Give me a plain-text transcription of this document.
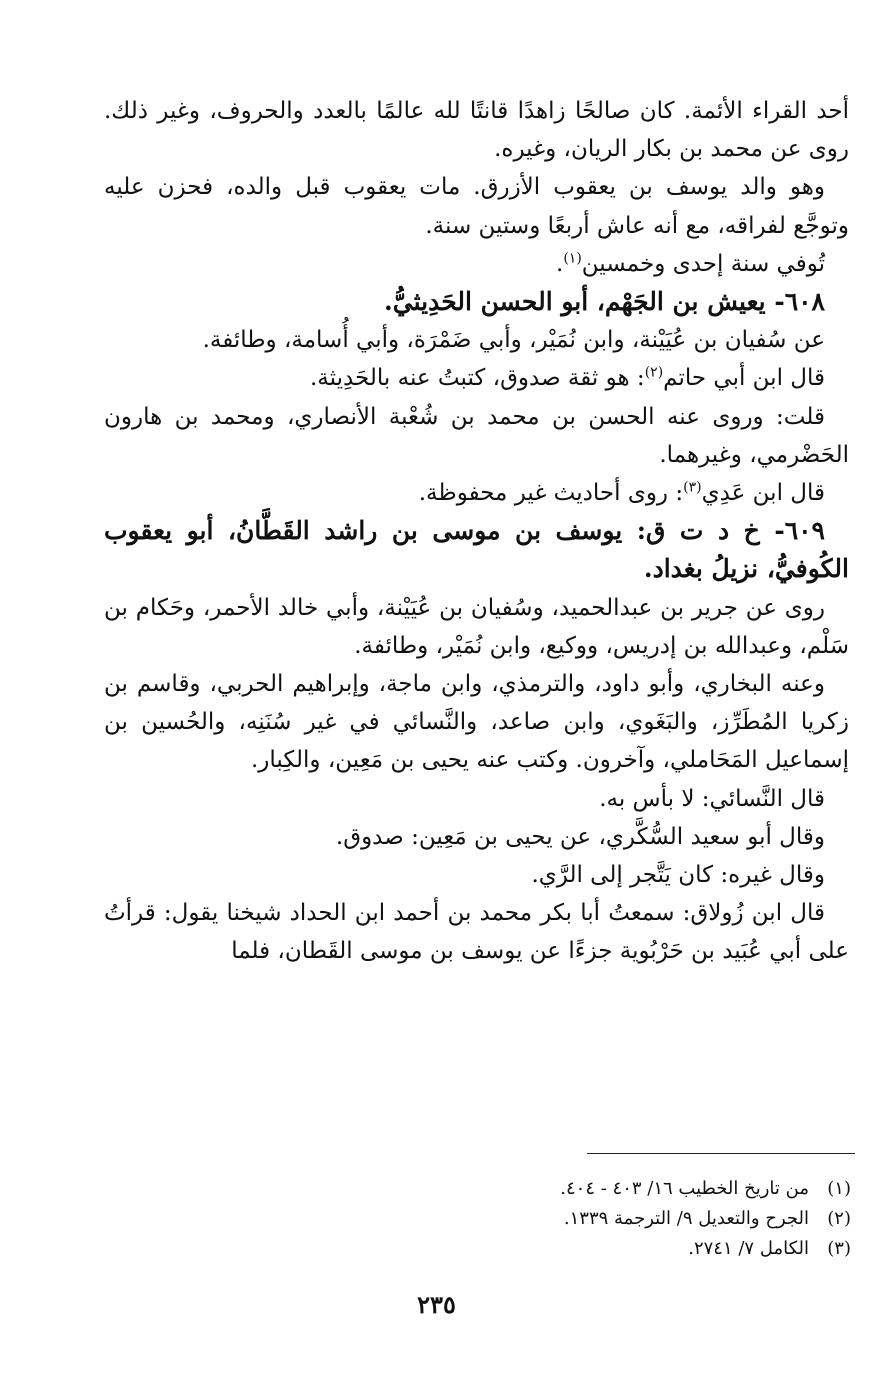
أحد القراء الأئمة. كان صالحًا زاهدًا قانتًا لله عالمًا بالعدد والحروف، وغير ذلك. روى عن محمد بن بكار الريان، وغيره.

وهو والد يوسف بن يعقوب الأزرق. مات يعقوب قبل والده، فحزن عليه وتوجَّع لفراقه، مع أنه عاش أربعًا وستين سنة.

تُوفي سنة إحدى وخمسين$^{(١)}$.

٦٠٨- يعيش بن الجَهْم، أبو الحسن الحَدِيثيُّ.

عن سُفيان بن عُيَيْنة، وابن نُمَيْر، وأبي ضَمْرَة، وأبي أُسامة، وطائفة.

قال ابن أبي حاتم$^{(٢)}$: هو ثقة صدوق، كتبتُ عنه بالحَدِيثة.

قلت: وروى عنه الحسن بن محمد بن شُعْبة الأنصاري، ومحمد بن هارون الحَضْرمي، وغيرهما.

قال ابن عَدِي$^{(٣)}$: روى أحاديث غير محفوظة.

٦٠٩- خ د ت ق: يوسف بن موسى بن راشد القَطَّانُ، أبو يعقوب الكُوفيُّ، نزيلُ بغداد.

روى عن جرير بن عبدالحميد، وسُفيان بن عُيَيْنة، وأبي خالد الأحمر، وحَكام بن سَلْم، وعبدالله بن إدريس، ووكيع، وابن نُمَيْر، وطائفة.

وعنه البخاري، وأبو داود، والترمذي، وابن ماجة، وإبراهيم الحربي، وقاسم بن زكريا المُطَرِّز، والبَغَوي، وابن صاعد، والنَّسائي في غير سُنَنِه، والحُسين بن إسماعيل المَحَاملي، وآخرون. وكتب عنه يحيى بن مَعِين، والكِبار.

قال النَّسائي: لا بأس به.

وقال أبو سعيد السُّكَّري، عن يحيى بن مَعِين: صدوق.

وقال غيره: كان يَتَّجر إلى الرَّي.

قال ابن زُولاق: سمعتُ أبا بكر محمد بن أحمد ابن الحداد شيخنا يقول: قرأتُ على أبي عُبَيد بن حَرْبُوية جزءًا عن يوسف بن موسى القَطان، فلما

(١)من تاريخ الخطيب ١٦/ ٤٠٣ - ٤٠٤.

(٢)الجرح والتعديل ٩/ الترجمة ١٣٣٩.

(٣)الكامل ٧/ ٢٧٤١.

٢٣٥
